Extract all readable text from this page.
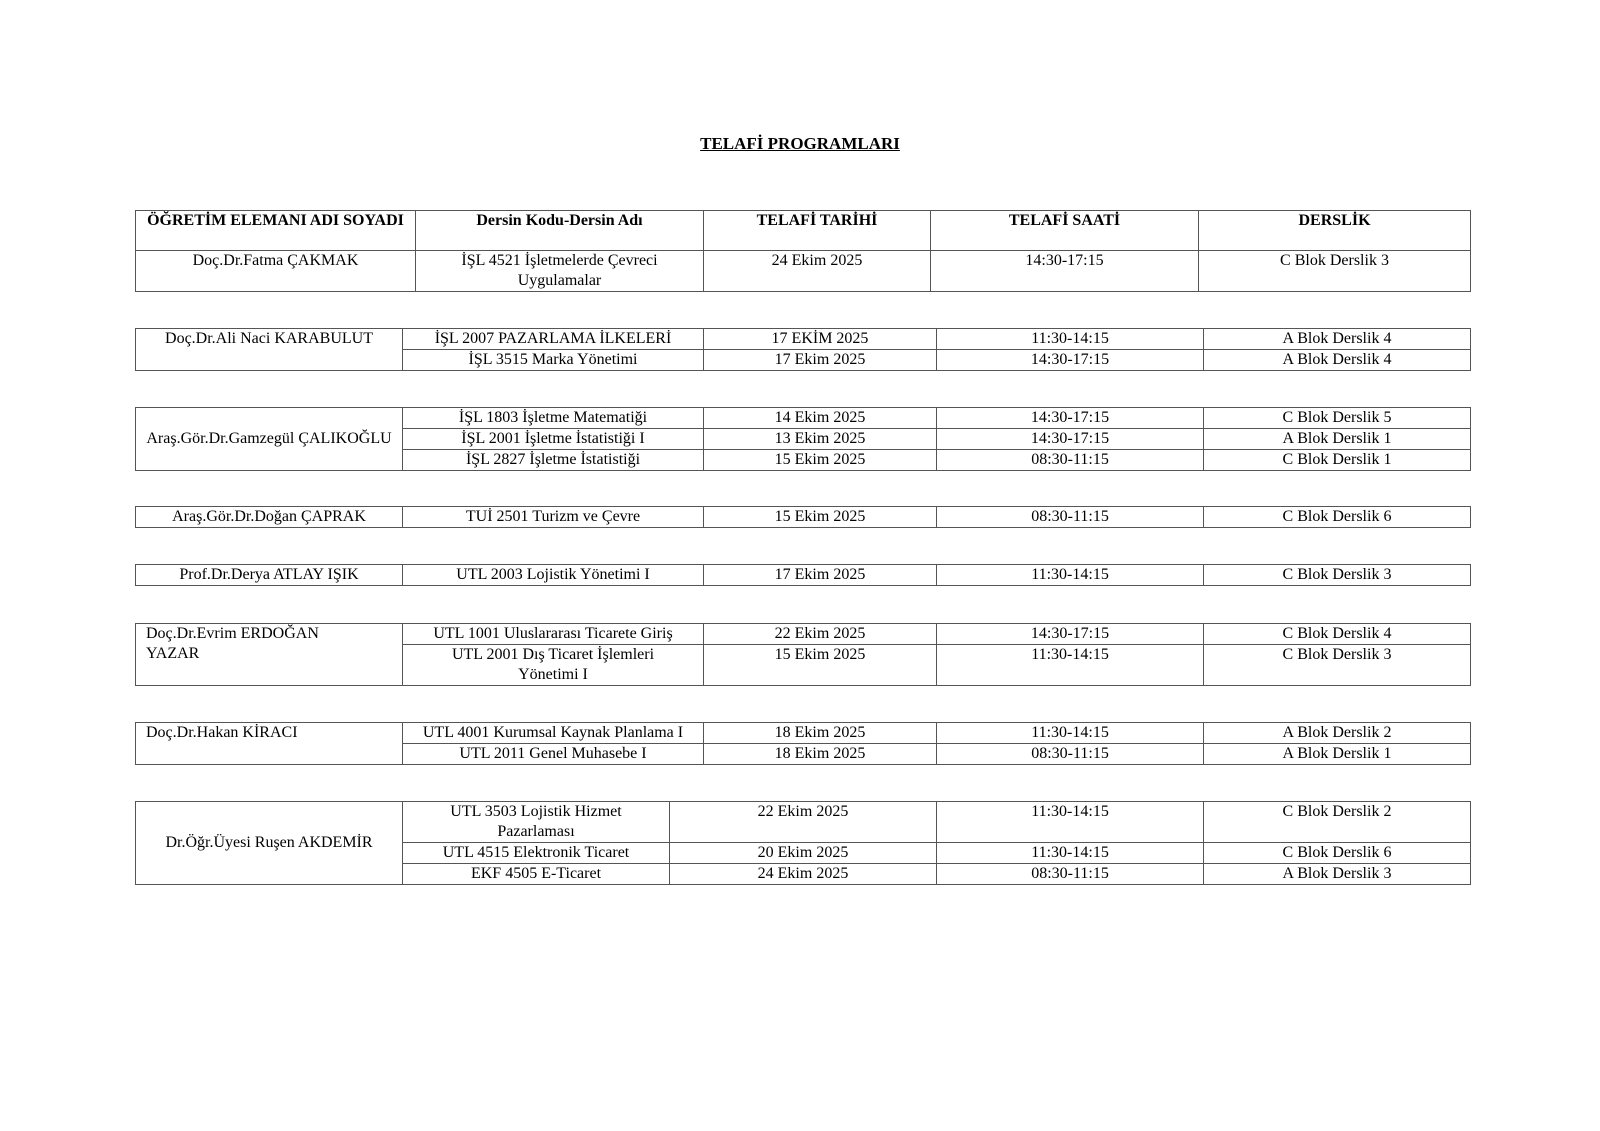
TELAFİ PROGRAMLARI
ÖĞRETİM ELEMANI ADI SOYADI	Dersin Kodu-Dersin Adı	TELAFİ TARİHİ	TELAFİ SAATİ	DERSLİK
Doç.Dr.Fatma ÇAKMAK	İŞL 4521 İşletmelerde Çevreci Uygulamalar	24 Ekim 2025	14:30-17:15	C Blok Derslik 3
Doç.Dr.Ali Naci KARABULUT	İŞL 2007 PAZARLAMA İLKELERİ	17 EKİM 2025	11:30-14:15	A Blok Derslik 4
	İŞL 3515 Marka Yönetimi	17 Ekim 2025	14:30-17:15	A Blok Derslik 4
Araş.Gör.Dr.Gamzegül ÇALIKOĞLU	İŞL 1803 İşletme Matematiği	14 Ekim 2025	14:30-17:15	C Blok Derslik 5
	İŞL 2001 İşletme İstatistiği I	13 Ekim 2025	14:30-17:15	A Blok Derslik 1
	İŞL 2827 İşletme İstatistiği	15 Ekim 2025	08:30-11:15	C Blok Derslik 1
Araş.Gör.Dr.Doğan ÇAPRAK	TUİ 2501 Turizm ve Çevre	15 Ekim 2025	08:30-11:15	C Blok Derslik 6
Prof.Dr.Derya ATLAY IŞIK	UTL 2003 Lojistik Yönetimi I	17 Ekim 2025	11:30-14:15	C Blok Derslik 3
Doç.Dr.Evrim ERDOĞAN YAZAR	UTL 1001 Uluslararası Ticarete Giriş	22 Ekim 2025	14:30-17:15	C Blok Derslik 4
	UTL 2001 Dış Ticaret İşlemleri Yönetimi I	15 Ekim 2025	11:30-14:15	C Blok Derslik 3
Doç.Dr.Hakan KİRACI	UTL 4001 Kurumsal Kaynak Planlama I	18 Ekim 2025	11:30-14:15	A Blok Derslik 2
	UTL 2011 Genel Muhasebe I	18 Ekim 2025	08:30-11:15	A Blok Derslik 1
Dr.Öğr.Üyesi Ruşen AKDEMİR	UTL 3503 Lojistik Hizmet Pazarlaması	22 Ekim 2025	11:30-14:15	C Blok Derslik 2
	UTL 4515 Elektronik Ticaret	20 Ekim 2025	11:30-14:15	C Blok Derslik 6
	EKF 4505 E-Ticaret	24 Ekim 2025	08:30-11:15	A Blok Derslik 3
